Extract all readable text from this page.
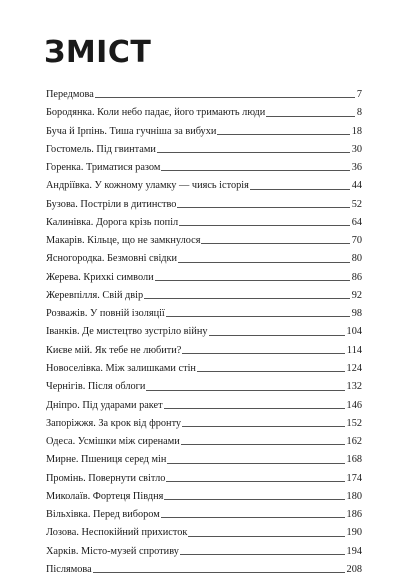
ЗМІСТ
Передмова	7
Бородянка. Коли небо падає, його тримають люди	8
Буча й Ірпінь. Тиша гучніша за вибухи	18
Гостомель. Під гвинтами	30
Горенка. Триматися разом	36
Андріївка. У кожному уламку — чиясь історія	44
Бузова. Постріли в дитинство	52
Калинівка. Дорога крізь попіл	64
Макарів. Кільце, що не замкнулося	70
Ясногородка. Безмовні свідки	80
Жерева. Крихкі символи	86
Жеревпілля. Свій двір	92
Розважів. У повній ізоляції	98
Іванків. Де мистецтво зустріло війну	104
Києве мій. Як тебе не любити?	114
Новоселівка. Між залишками стін	124
Чернігів. Після облоги	132
Дніпро. Під ударами ракет	146
Запоріжжя. За крок від фронту	152
Одеса. Усмішки між сиренами	162
Мирне. Пшениця серед мін	168
Промінь. Повернути світло	174
Миколаїв. Фортеця Півдня	180
Вільхівка. Перед вибором	186
Лозова. Неспокійний прихисток	190
Харків. Місто-музей спротиву	194
Післямова	208
